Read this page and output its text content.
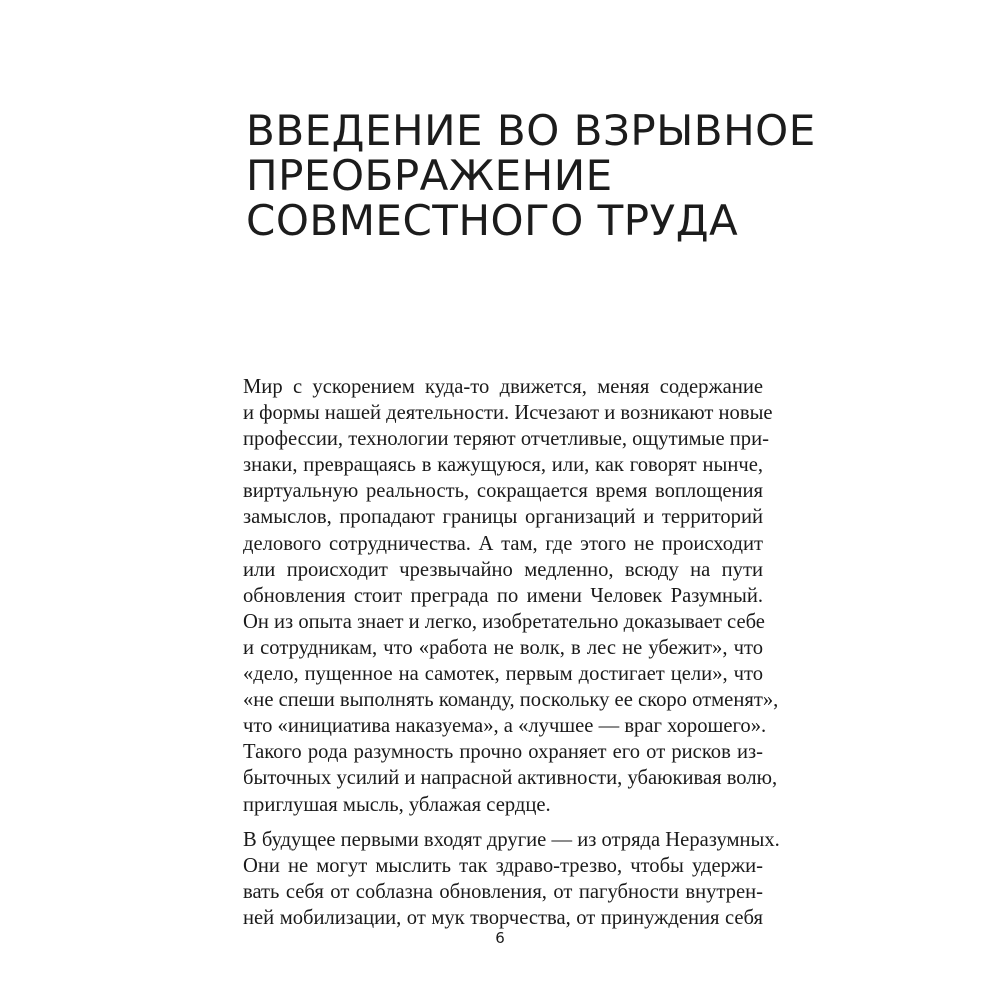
ВВЕДЕНИЕ ВО ВЗРЫВНОЕ
ПРЕОБРАЖЕНИЕ
СОВМЕСТНОГО ТРУДА
Мир с ускорением куда-то движется, меняя содержание
и формы нашей деятельности. Исчезают и возникают новые
профессии, технологии теряют отчетливые, ощутимые при-
знаки, превращаясь в кажущуюся, или, как говорят нынче,
виртуальную реальность, сокращается время воплощения
замыслов, пропадают границы организаций и территорий
делового сотрудничества. А там, где этого не происходит
или происходит чрезвычайно медленно, всюду на пути
обновления стоит преграда по имени Человек Разумный.
Он из опыта знает и легко, изобретательно доказывает себе
и сотрудникам, что «работа не волк, в лес не убежит», что
«дело, пущенное на самотек, первым достигает цели», что
«не спеши выполнять команду, поскольку ее скоро отменят»,
что «инициатива наказуема», а «лучшее — враг хорошего».
Такого рода разумность прочно охраняет его от рисков из-
быточных усилий и напрасной активности, убаюкивая волю,
приглушая мысль, ублажая сердце.
В будущее первыми входят другие — из отряда Неразумных.
Они не могут мыслить так здраво-трезво, чтобы удержи-
вать себя от соблазна обновления, от пагубности внутрен-
ней мобилизации, от мук творчества, от принуждения себя
6
